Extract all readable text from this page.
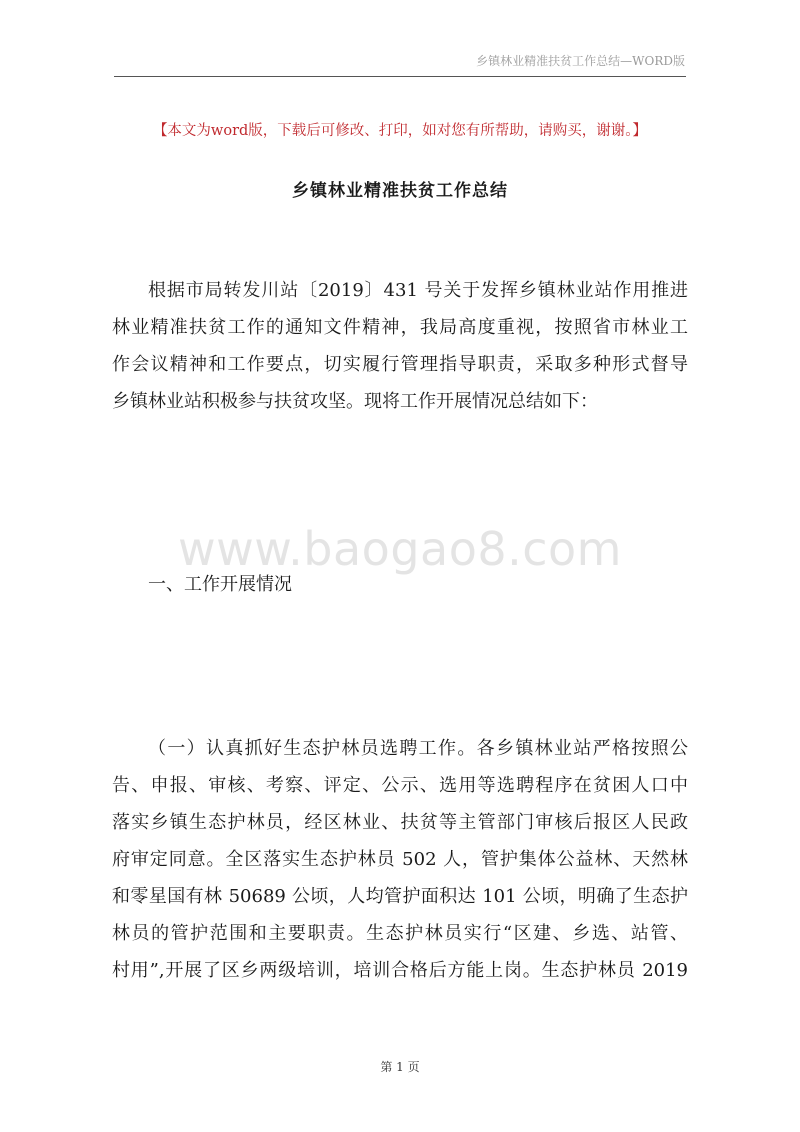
乡镇林业精准扶贫工作总结—WORD版
【本文为word版，下载后可修改、打印，如对您有所帮助，请购买，谢谢。】
乡镇林业精准扶贫工作总结
根据市局转发川站〔2019〕431 号关于发挥乡镇林业站作用推进
林业精准扶贫工作的通知文件精神，我局高度重视，按照省市林业工
作会议精神和工作要点，切实履行管理指导职责，采取多种形式督导
乡镇林业站积极参与扶贫攻坚。现将工作开展情况总结如下：
www.baogao8.com
一、工作开展情况
（一）认真抓好生态护林员选聘工作。各乡镇林业站严格按照公
告、申报、审核、考察、评定、公示、选用等选聘程序在贫困人口中
落实乡镇生态护林员，经区林业、扶贫等主管部门审核后报区人民政
府审定同意。全区落实生态护林员 502 人，管护集体公益林、天然林
和零星国有林 50689 公顷，人均管护面积达 101 公顷，明确了生态护
林员的管护范围和主要职责。生态护林员实行“区建、乡选、站管、
村用”,开展了区乡两级培训，培训合格后方能上岗。生态护林员 2019
第 1 页
